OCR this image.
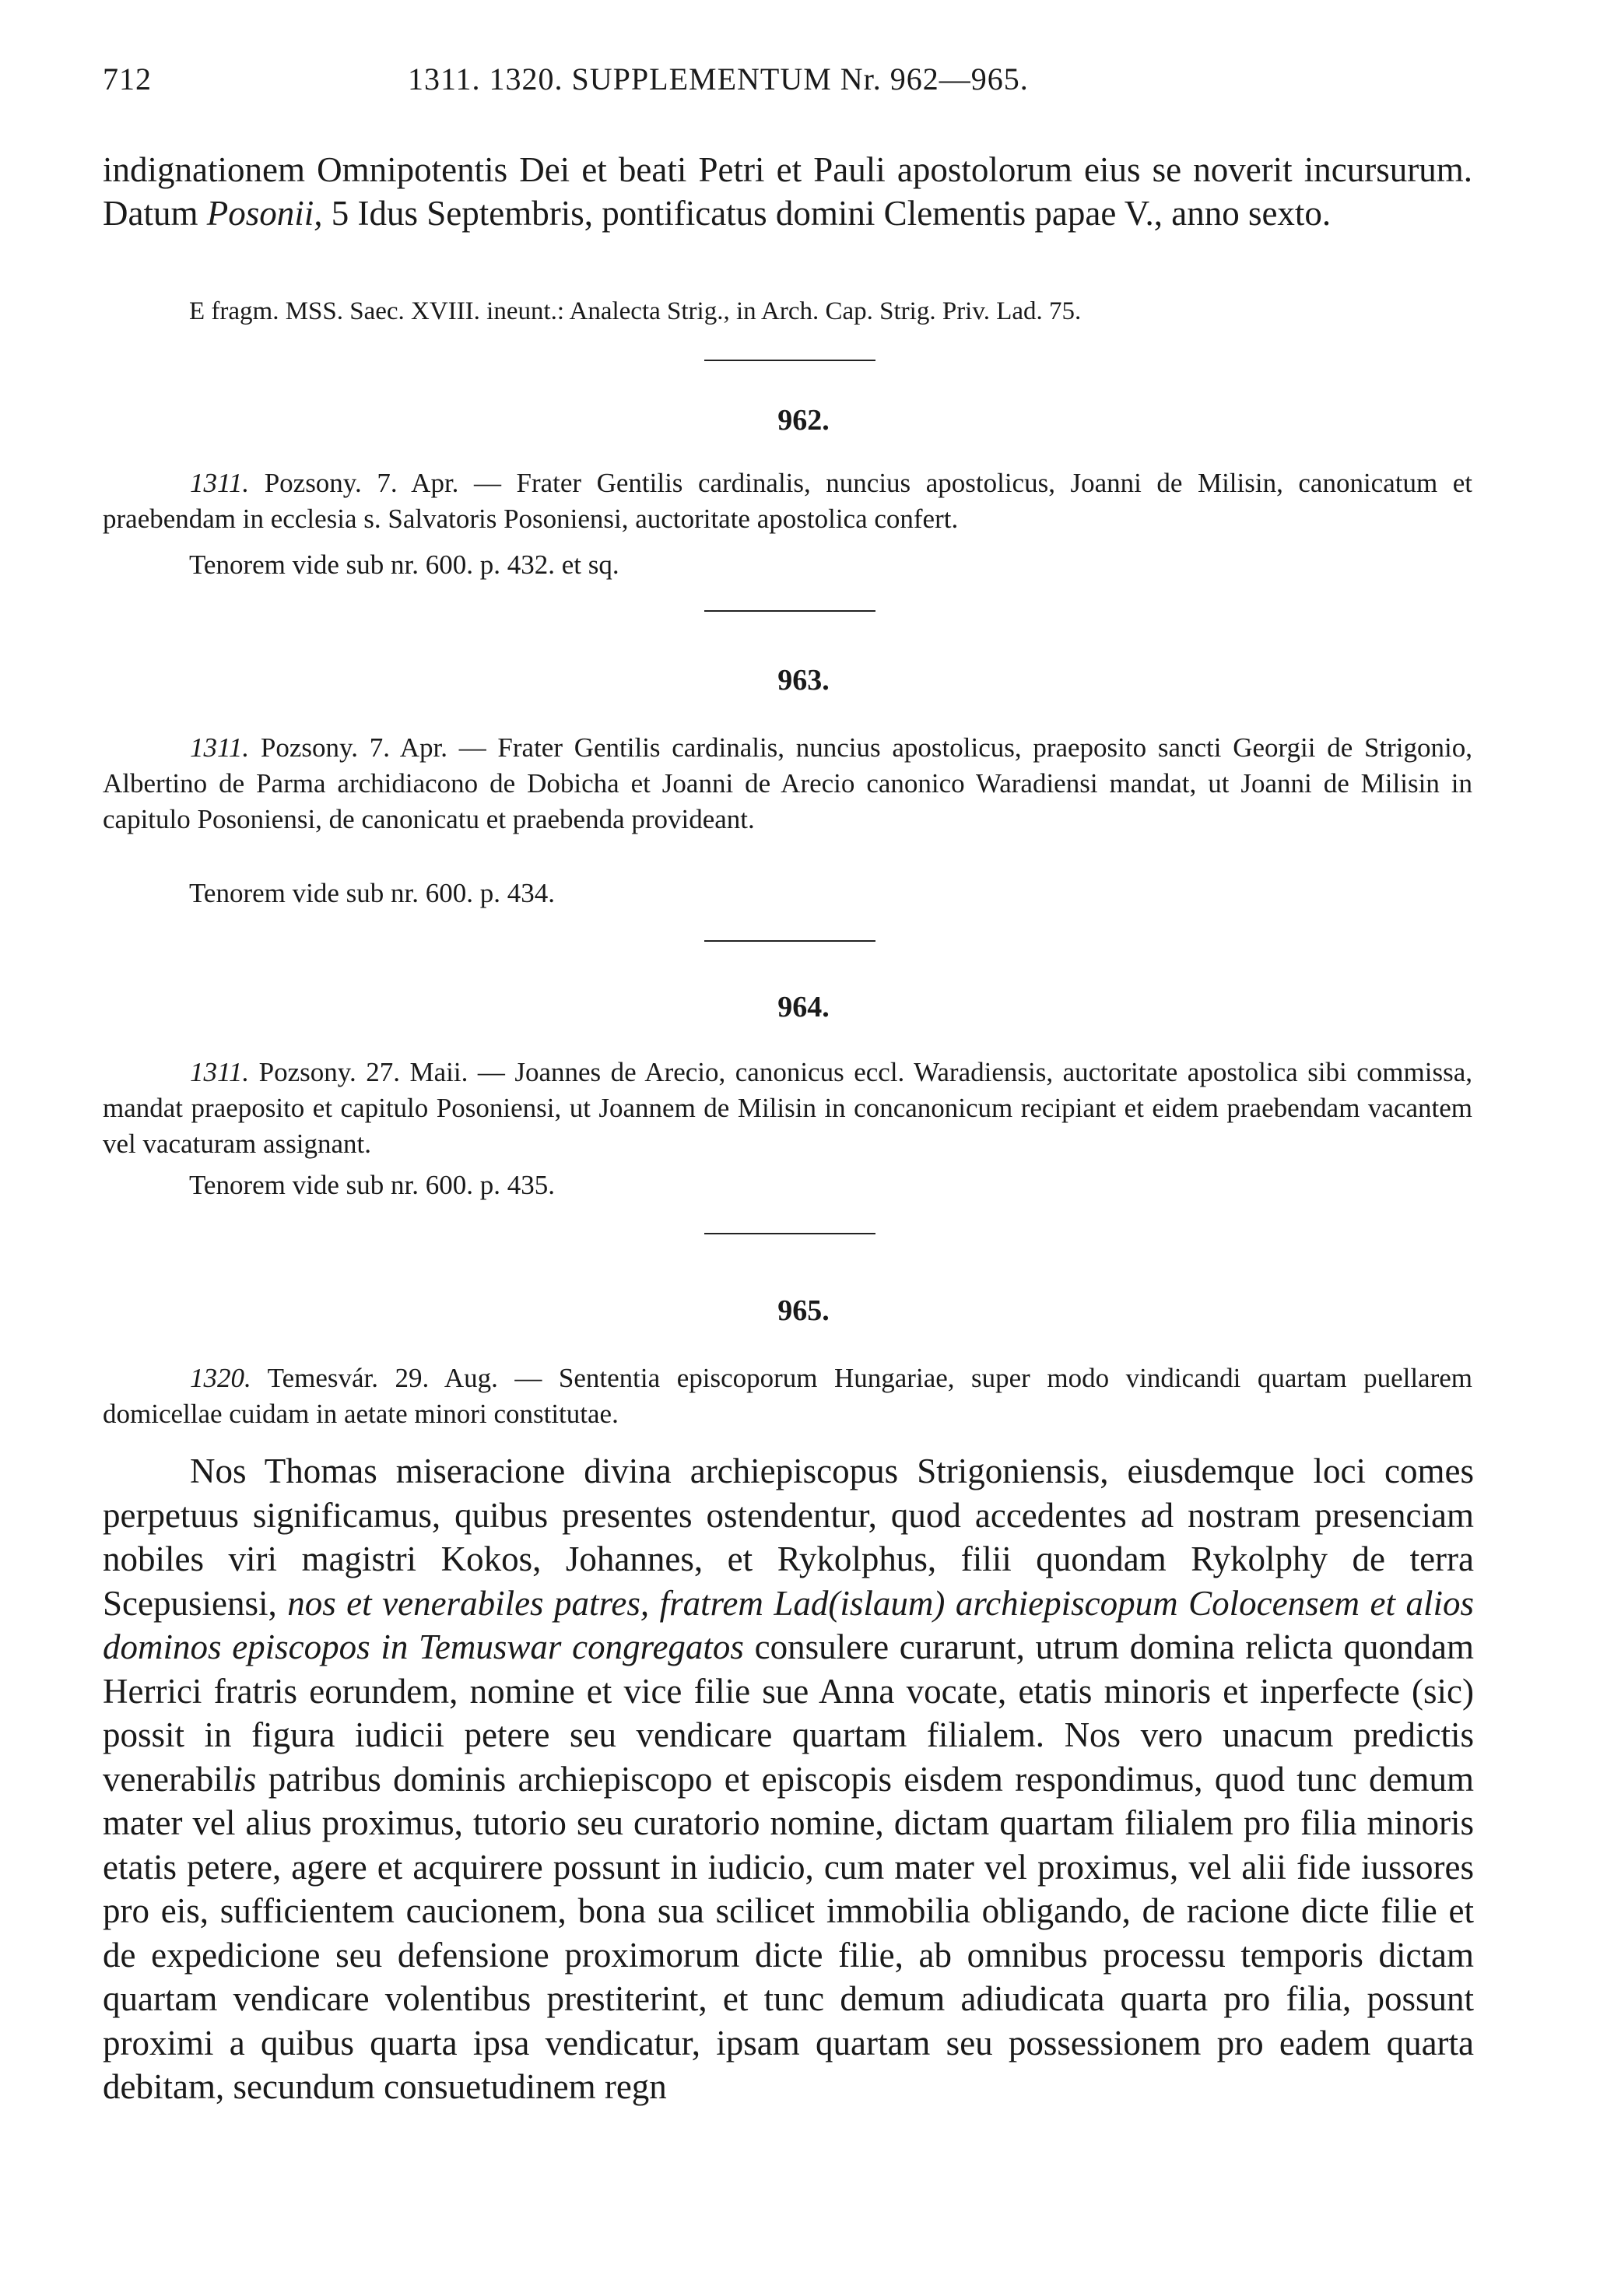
712	1311. 1320. SUPPLEMENTUM Nr. 962—965.
indignationem Omnipotentis Dei et beati Petri et Pauli apostolorum eius se noverit incursurum. Datum Posonii, 5 Idus Septembris, pontificatus domini Clementis papae V., anno sexto.
E fragm. MSS. Saec. XVIII. ineunt.: Analecta Strig., in Arch. Cap. Strig. Priv. Lad. 75.
962.
1311. Pozsony. 7. Apr. — Frater Gentilis cardinalis, nuncius apostolicus, Joanni de Milisin, canonicatum et praebendam in ecclesia s. Salvatoris Posoniensi, auctoritate apostolica confert.
Tenorem vide sub nr. 600. p. 432. et sq.
963.
1311. Pozsony. 7. Apr. — Frater Gentilis cardinalis, nuncius apostolicus, praeposito sancti Georgii de Strigonio, Albertino de Parma archidiacono de Dobicha et Joanni de Arecio canonico Waradiensi mandat, ut Joanni de Milisin in capitulo Posoniensi, de canonicatu et praebenda provideant.
Tenorem vide sub nr. 600. p. 434.
964.
1311. Pozsony. 27. Maii. — Joannes de Arecio, canonicus eccl. Waradiensis, auctoritate apostolica sibi commissa, mandat praeposito et capitulo Posoniensi, ut Joannem de Milisin in concanonicum recipiant et eidem praebendam vacantem vel vacaturam assignant.
Tenorem vide sub nr. 600. p. 435.
965.
1320. Temesvár. 29. Aug. — Sententia episcoporum Hungariae, super modo vindicandi quartam puellarem domicellae cuidam in aetate minori constitutae.

Nos Thomas miseracione divina archiepiscopus Strigoniensis, eiusdemque loci comes perpetuus significamus, quibus presentes ostendentur, quod accedentes ad nostram presenciam nobiles viri magistri Kokos, Johannes, et Rykolphus, filii quondam Rykolphy de terra Scepusiensi, nos et venerabiles patres, fratrem Lad(islaum) archiepiscopum Colocensem et alios dominos episcopos in Temuswar congregatos consulere curarunt, utrum domina relicta quondam Herrici fratris eorundem, nomine et vice filie sue Anna vocate, etatis minoris et inperfecte (sic) possit in figura iudicii petere seu vendicare quartam filialem. Nos vero unacum predictis venerabilis patribus dominis archiepiscopo et episcopis eisdem respondimus, quod tunc demum mater vel alius proximus, tutorio seu curatorio nomine, dictam quartam filialem pro filia minoris etatis petere, agere et acquirere possunt in iudicio, cum mater vel proximus, vel alii fide iussores pro eis, sufficientem caucionem, bona sua scilicet immobilia obligando, de racione dicte filie et de expedicione seu defensione proximorum dicte filie, ab omnibus processu temporis dictam quartam vendicare volentibus prestiterint, et tunc demum adiudicata quarta pro filia, possunt proximi a quibus quarta ipsa vendicatur, ipsam quartam seu possessionem pro eadem quarta debitam, secundum consuetudinem regn
